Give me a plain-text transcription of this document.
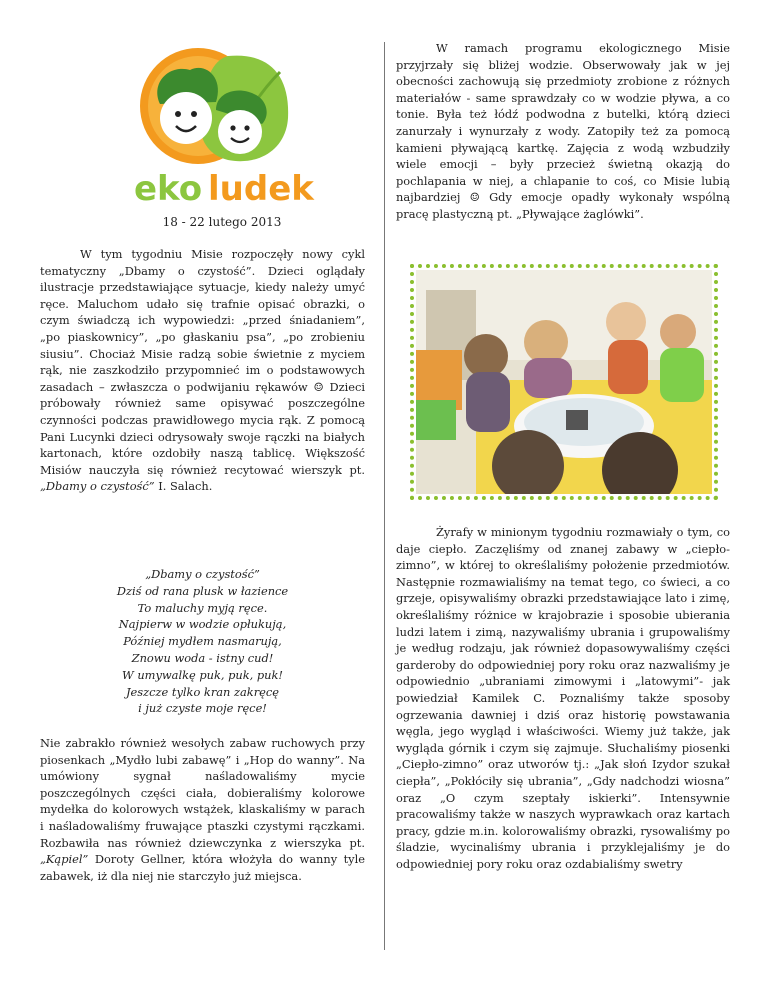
eko ludek
18 - 22 lutego 2013

W tym tygodniu Misie rozpoczęły nowy cykl tematyczny „Dbamy o czystość”. Dzieci oglądały ilustracje przedstawiające sytuacje, kiedy należy umyć ręce. Maluchom udało się trafnie opisać obrazki, o czym świadczą ich wypowiedzi: „przed śniadaniem”, „po piaskownicy”, „po głaskaniu psa”, „po zrobieniu siusiu”. Chociaż Misie radzą sobie świetnie z myciem rąk, nie zaszkodziło przypomnieć im o podstawowych zasadach – zwłaszcza o podwijaniu rękawów ☺ Dzieci próbowały również same opisywać poszczególne czynności podczas prawidłowego mycia rąk. Z pomocą Pani Lucynki dzieci odrysowały swoje rączki na białych kartonach, które ozdobiły naszą tablicę. Większość Misiów nauczyła się również recytować wierszyk pt. „Dbamy o czystość” I. Salach.

„Dbamy o czystość”
Dziś od rana plusk w łazience
To maluchy myją ręce.
Najpierw w wodzie opłukują,
Później mydłem nasmarują,
Znowu woda - istny cud!
W umywalkę puk, puk, puk!
Jeszcze tylko kran zakręcę
i już czyste moje ręce!

Nie zabrakło również wesołych zabaw ruchowych przy piosenkach „Mydło lubi zabawę” i „Hop do wanny”. Na umówiony sygnał naśladowaliśmy mycie poszczególnych części ciała, dobieraliśmy kolorowe mydełka do kolorowych wstążek, klaskaliśmy w parach i naśladowaliśmy fruwające ptaszki czystymi rączkami. Rozbawiła nas również dziewczynka z wierszyka pt. „Kąpiel” Doroty Gellner, która włożyła do wanny tyle zabawek, iż dla niej nie starczyło już miejsca.

W ramach programu ekologicznego Misie przyjrzały się bliżej wodzie. Obserwowały jak w jej obecności zachowują się przedmioty zrobione z różnych materiałów - same sprawdzały co w wodzie pływa, a co tonie. Była też łódź podwodna z butelki, którą dzieci zanurzały i wynurzały z wody. Zatopiły też za pomocą kamieni pływającą kartkę. Zajęcia z wodą wzbudziły wiele emocji – były przecież świetną okazją do pochlapania w niej, a chlapanie to coś, co Misie lubią najbardziej ☺ Gdy emocje opadły wykonały wspólną pracę plastyczną pt. „Pływające żaglówki”.

Żyrafy w minionym tygodniu rozmawiały o tym, co daje ciepło. Zaczęliśmy od znanej zabawy w „ciepło-zimno”, w której to określaliśmy położenie przedmiotów. Następnie rozmawialiśmy na temat tego, co świeci, a co grzeje, opisywaliśmy obrazki przedstawiające lato i zimę, określaliśmy różnice w krajobrazie i sposobie ubierania ludzi latem i zimą, nazywaliśmy ubrania i grupowaliśmy je według rodzaju, jak również dopasowywaliśmy części garderoby do odpowiedniej pory roku oraz nazwaliśmy je odpowiednio „ubraniami zimowymi i „latowymi”- jak powiedział Kamilek C. Poznaliśmy także sposoby ogrzewania dawniej i dziś oraz historię powstawania węgla, jego wygląd i właściwości. Wiemy już także, jak wygląda górnik i czym się zajmuje. Słuchaliśmy piosenki „Ciepło-zimno” oraz utworów tj.: „Jak słoń Izydor szukał ciepła”, „Pokłóciły się ubrania”, „Gdy nadchodzi wiosna” oraz „O czym szeptały iskierki”. Intensywnie pracowaliśmy także w naszych wyprawkach oraz kartach pracy, gdzie m.in. kolorowaliśmy obrazki, rysowaliśmy po śladzie, wycinaliśmy ubrania i przyklejaliśmy je do odpowiedniej pory roku oraz ozdabialiśmy swetry
